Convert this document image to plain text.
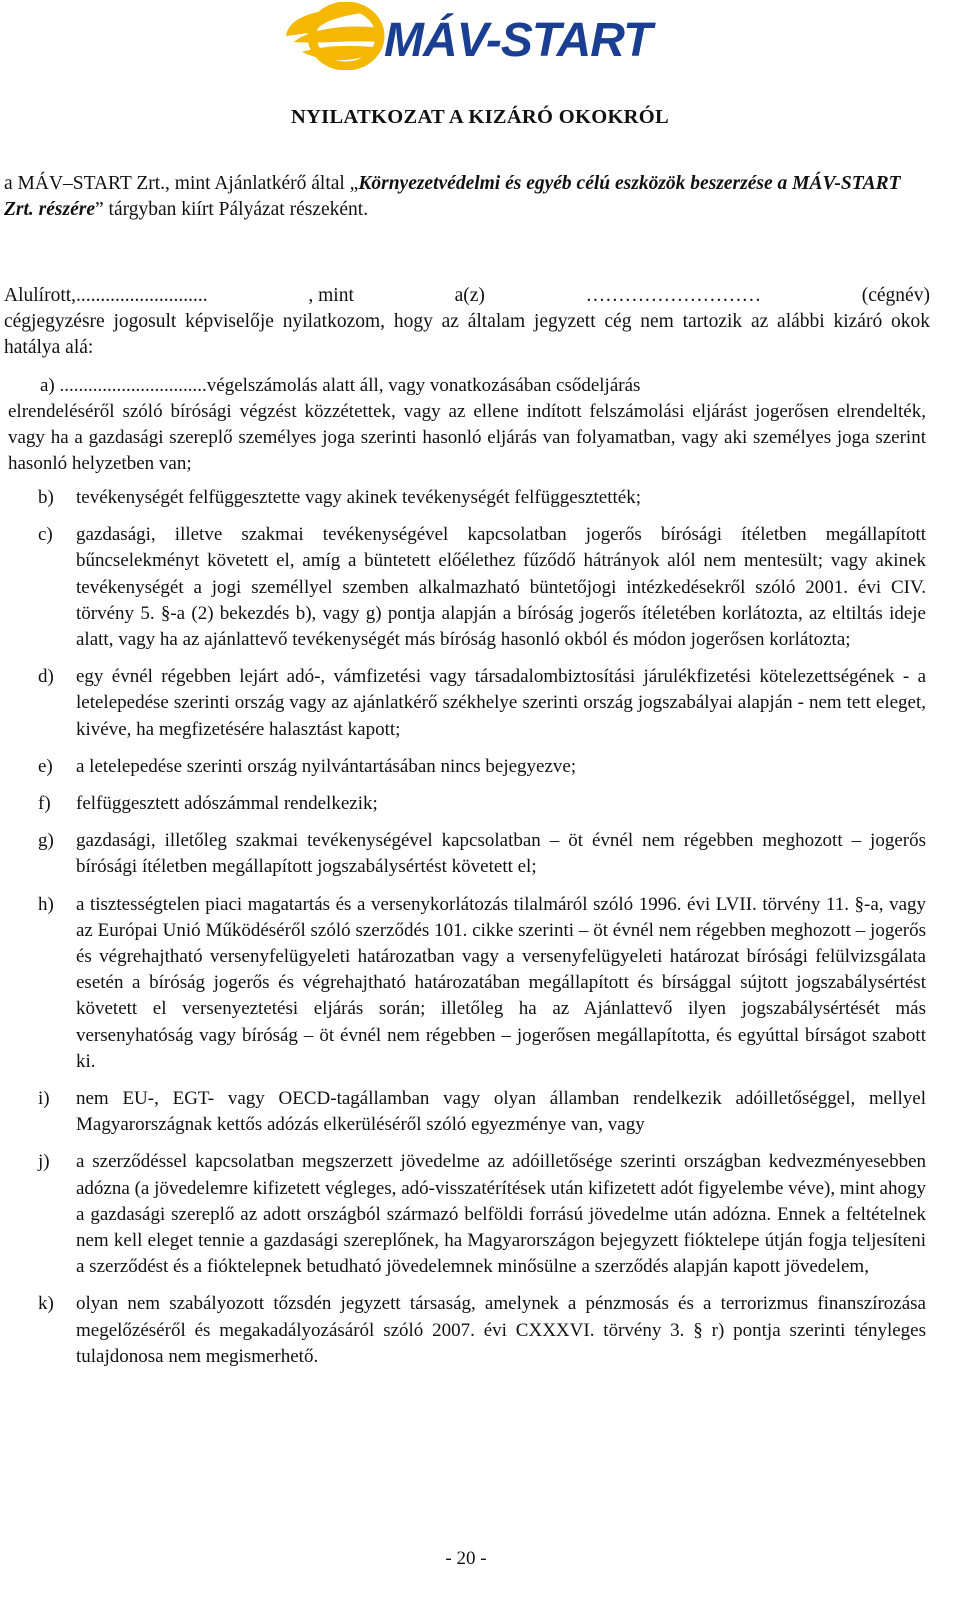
MÁV-START
NYILATKOZAT A KIZÁRÓ OKOKRÓL
a MÁV–START Zrt., mint Ajánlatkérő által „Környezetvédelmi és egyéb célú eszközök beszerzése a MÁV-START Zrt. részére” tárgyban kiírt Pályázat részeként.
Alulírott,...........................	, mint	a(z)	………………………	(cégnév)
cégjegyzésre jogosult képviselője nyilatkozom, hogy az általam jegyzett cég nem tartozik az alábbi kizáró okok hatálya alá:
a) ...............................végelszámolás alatt áll, vagy vonatkozásában csődeljárás
elrendeléséről szóló bírósági végzést közzétettek, vagy az ellene indított felszámolási eljárást jogerősen elrendelték, vagy ha a gazdasági szereplő személyes joga szerinti hasonló eljárás van folyamatban, vagy aki személyes joga szerint hasonló helyzetben van;
b)	tevékenységét felfüggesztette vagy akinek tevékenységét felfüggesztették;
c)	gazdasági, illetve szakmai tevékenységével kapcsolatban jogerős bírósági ítéletben megállapított bűncselekményt követett el, amíg a büntetett előélethez fűződő hátrányok alól nem mentesült; vagy akinek tevékenységét a jogi személlyel szemben alkalmazható büntetőjogi intézkedésekről szóló 2001. évi CIV. törvény 5. §-a (2) bekezdés b), vagy g) pontja alapján a bíróság jogerős ítéletében korlátozta, az eltiltás ideje alatt, vagy ha az ajánlattevő tevékenységét más bíróság hasonló okból és módon jogerősen korlátozta;
d)	egy évnél régebben lejárt adó-, vámfizetési vagy társadalombiztosítási járulékfizetési kötelezettségének - a letelepedése szerinti ország vagy az ajánlatkérő székhelye szerinti ország jogszabályai alapján - nem tett eleget, kivéve, ha megfizetésére halasztást kapott;
e)	a letelepedése szerinti ország nyilvántartásában nincs bejegyezve;
f)	felfüggesztett adószámmal rendelkezik;
g)	gazdasági, illetőleg szakmai tevékenységével kapcsolatban – öt évnél nem régebben meghozott – jogerős bírósági ítéletben megállapított jogszabálysértést követett el;
h)	a tisztességtelen piaci magatartás és a versenykorlátozás tilalmáról szóló 1996. évi LVII. törvény 11. §-a, vagy az Európai Unió Működéséről szóló szerződés 101. cikke szerinti – öt évnél nem régebben meghozott – jogerős és végrehajtható versenyfelügyeleti határozatban vagy a versenyfelügyeleti határozat bírósági felülvizsgálata esetén a bíróság jogerős és végrehajtható határozatában megállapított és bírsággal sújtott jogszabálysértést követett el versenyeztetési eljárás során; illetőleg ha az Ajánlattevő ilyen jogszabálysértését más versenyhatóság vagy bíróság – öt évnél nem régebben – jogerősen megállapította, és egyúttal bírságot szabott ki.
i)	nem EU-, EGT- vagy OECD-tagállamban vagy olyan államban rendelkezik adóilletőséggel, mellyel Magyarországnak kettős adózás elkerüléséről szóló egyezménye van, vagy
j)	a szerződéssel kapcsolatban megszerzett jövedelme az adóilletősége szerinti országban kedvezményesebben adózna (a jövedelemre kifizetett végleges, adó-visszatérítések után kifizetett adót figyelembe véve), mint ahogy a gazdasági szereplő az adott országból származó belföldi forrású jövedelme után adózna. Ennek a feltételnek nem kell eleget tennie a gazdasági szereplőnek, ha Magyarországon bejegyzett fióktelepe útján fogja teljesíteni a szerződést és a fióktelepnek betudható jövedelemnek minősülne a szerződés alapján kapott jövedelem,
k)	olyan nem szabályozott tőzsdén jegyzett társaság, amelynek a pénzmosás és a terrorizmus finanszírozása megelőzéséről és megakadályozásáról szóló 2007. évi CXXXVI. törvény 3. § r) pontja szerinti tényleges tulajdonosa nem megismerhető.
- 20 -
